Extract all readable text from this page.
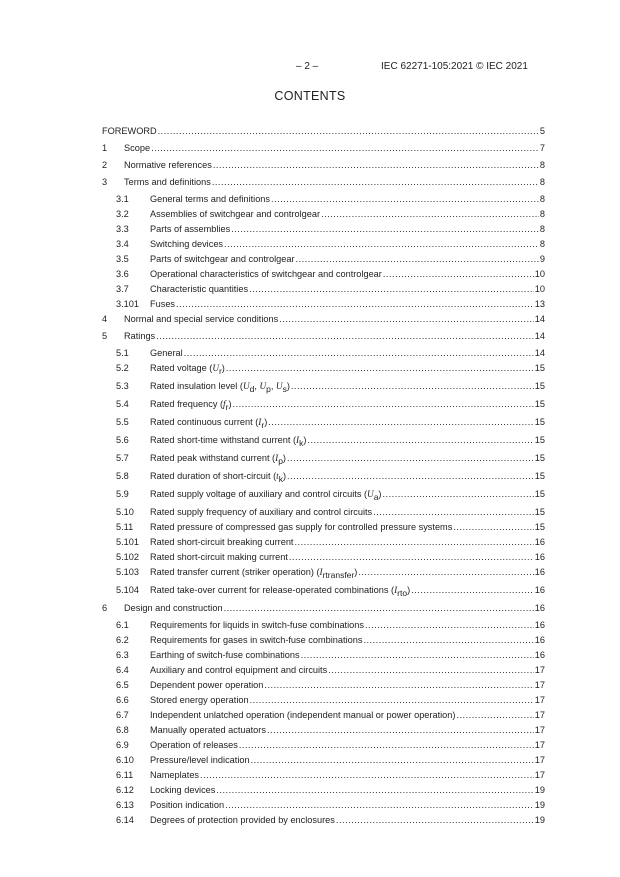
– 2 –	IEC 62271-105:2021 © IEC 2021
CONTENTS
FOREWORD .....	5
1	Scope .....	7
2	Normative references .....	8
3	Terms and definitions .....	8
3.1	General terms and definitions .....	8
3.2	Assemblies of switchgear and controlgear .....	8
3.3	Parts of assemblies .....	8
3.4	Switching devices .....	8
3.5	Parts of switchgear and controlgear .....	9
3.6	Operational characteristics of switchgear and controlgear .....	10
3.7	Characteristic quantities .....	10
3.101	Fuses .....	13
4	Normal and special service conditions .....	14
5	Ratings .....	14
5.1	General .....	14
5.2	Rated voltage $(U_r)$ .....	15
5.3	Rated insulation level ($U_d$, $U_p$, $U_s$) .....	15
5.4	Rated frequency $(f_r)$ .....	15
5.5	Rated continuous current $(I_r)$ .....	15
5.6	Rated short-time withstand current $(I_k)$ .....	15
5.7	Rated peak withstand current $(I_p)$ .....	15
5.8	Rated duration of short-circuit $(t_k)$ .....	15
5.9	Rated supply voltage of auxiliary and control circuits $(U_a)$ .....	15
5.10	Rated supply frequency of auxiliary and control circuits .....	15
5.11	Rated pressure of compressed gas supply for controlled pressure systems .....	15
5.101	Rated short-circuit breaking current .....	16
5.102	Rated short-circuit making current .....	16
5.103	Rated transfer current (striker operation) $(I_{rtransfer})$ .....	16
5.104	Rated take-over current for release-operated combinations $(I_{rto})$ .....	16
6	Design and construction .....	16
6.1	Requirements for liquids in switch-fuse combinations .....	16
6.2	Requirements for gases in switch-fuse combinations .....	16
6.3	Earthing of switch-fuse combinations .....	16
6.4	Auxiliary and control equipment and circuits .....	17
6.5	Dependent power operation .....	17
6.6	Stored energy operation .....	17
6.7	Independent unlatched operation (independent manual or power operation) .....	17
6.8	Manually operated actuators .....	17
6.9	Operation of releases .....	17
6.10	Pressure/level indication .....	17
6.11	Nameplates .....	17
6.12	Locking devices .....	19
6.13	Position indication .....	19
6.14	Degrees of protection provided by enclosures .....	19
